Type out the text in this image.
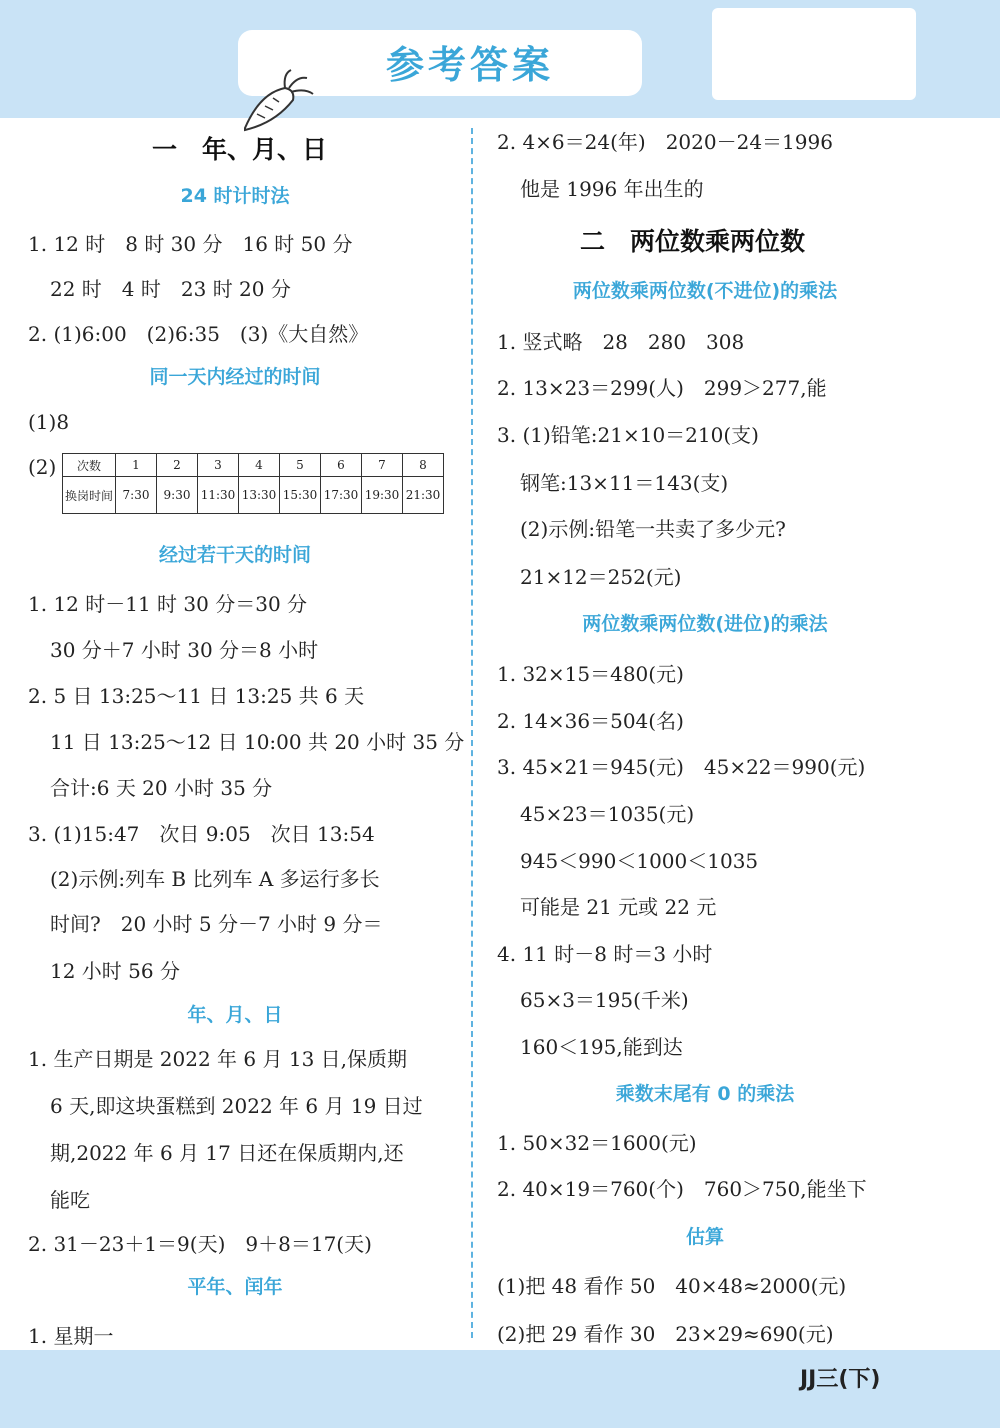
参考答案
一　年、月、日
24 时计时法
1. 12 时　8 时 30 分　16 时 50 分
22 时　4 时　23 时 20 分
2. (1)6:00　(2)6:35　(3)《大自然》
同一天内经过的时间
(1)8
(2) 次数	1	2	3	4	5	6	7	8
换岗时间	7:30	9:30	11:30	13:30	15:30	17:30	19:30	21:30
经过若干天的时间
1. 12 时－11 时 30 分＝30 分
30 分＋7 小时 30 分＝8 小时
2. 5 日 13:25～11 日 13:25 共 6 天
11 日 13:25～12 日 10:00 共 20 小时 35 分
合计:6 天 20 小时 35 分
3. (1)15:47　次日 9:05　次日 13:54
(2)示例:列车 B 比列车 A 多运行多长
时间?　20 小时 5 分－7 小时 9 分＝
12 小时 56 分
年、月、日
1. 生产日期是 2022 年 6 月 13 日,保质期
6 天,即这块蛋糕到 2022 年 6 月 19 日过
期,2022 年 6 月 17 日还在保质期内,还
能吃
2. 31－23＋1＝9(天)　9＋8＝17(天)
平年、闰年
1. 星期一
2. 4×6＝24(年)　2020－24＝1996
他是 1996 年出生的
二　两位数乘两位数
两位数乘两位数(不进位)的乘法
1. 竖式略　28　280　308
2. 13×23＝299(人)　299＞277,能
3. (1)铅笔:21×10＝210(支)
钢笔:13×11＝143(支)
(2)示例:铅笔一共卖了多少元?
21×12＝252(元)
两位数乘两位数(进位)的乘法
1. 32×15＝480(元)
2. 14×36＝504(名)
3. 45×21＝945(元)　45×22＝990(元)
45×23＝1035(元)
945＜990＜1000＜1035
可能是 21 元或 22 元
4. 11 时－8 时＝3 小时
65×3＝195(千米)
160＜195,能到达
乘数末尾有 0 的乘法
1. 50×32＝1600(元)
2. 40×19＝760(个)　760＞750,能坐下
估算
(1)把 48 看作 50　40×48≈2000(元)
(2)把 29 看作 30　23×29≈690(元)
JJ三(下)
